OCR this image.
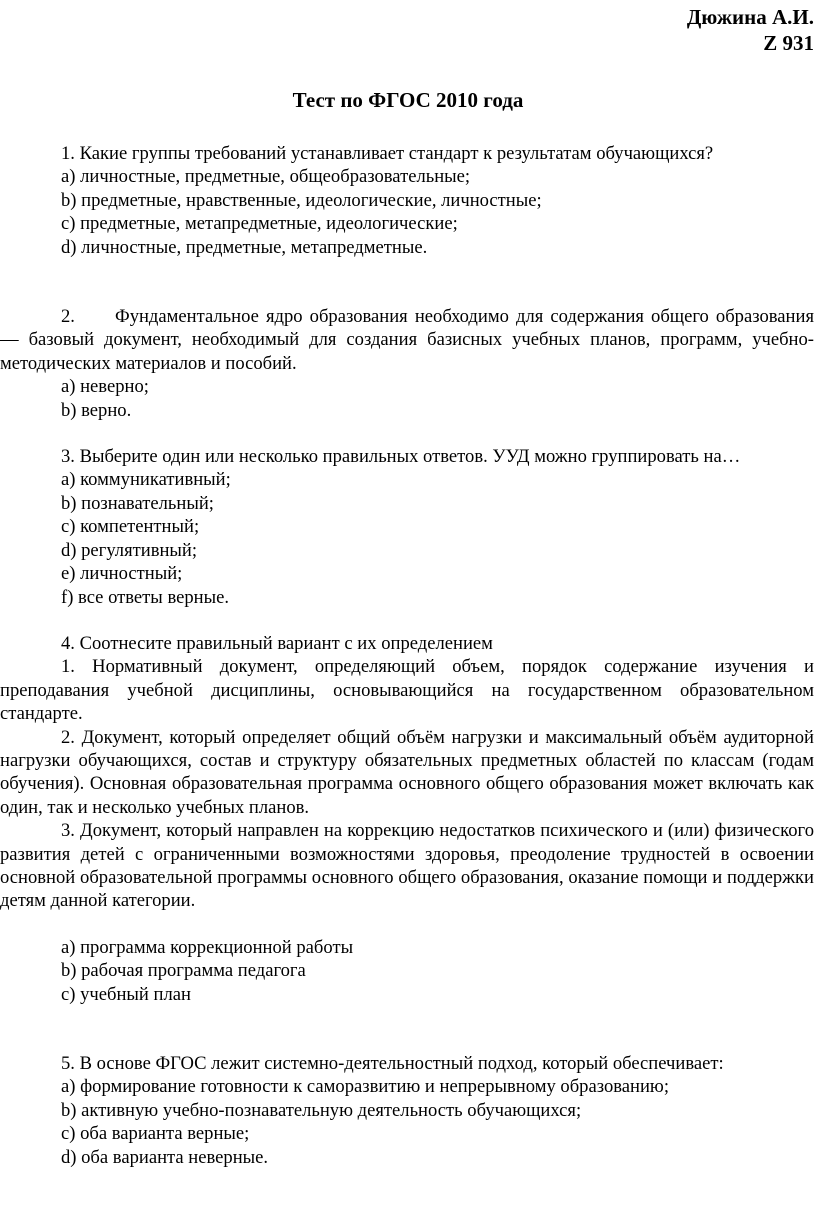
Дюжина А.И.
Z 931
Тест по ФГОС 2010 года
1. Какие группы требований устанавливает стандарт к результатам обучающихся?
a) личностные, предметные, общеобразовательные;
b) предметные, нравственные, идеологические, личностные;
c) предметные, метапредметные, идеологические;
d) личностные, предметные, метапредметные.
2. Фундаментальное ядро образования необходимо для содержания общего образования — базовый документ, необходимый для создания базисных учебных планов, программ, учебно-методических материалов и пособий.
a) неверно;
b) верно.
3. Выберите один или несколько правильных ответов. УУД можно группировать на…
a) коммуникативный;
b) познавательный;
c) компетентный;
d) регулятивный;
e) личностный;
f) все ответы верные.
4. Соотнесите правильный вариант с их определением
1. Нормативный документ, определяющий объем, порядок содержание изучения и преподавания учебной дисциплины, основывающийся на государственном образовательном стандарте.
2. Документ, который определяет общий объём нагрузки и максимальный объём аудиторной нагрузки обучающихся, состав и структуру обязательных предметных областей по классам (годам обучения). Основная образовательная программа основного общего образования может включать как один, так и несколько учебных планов.
3. Документ, который направлен на коррекцию недостатков психического и (или) физического развития детей с ограниченными возможностями здоровья, преодоление трудностей в освоении основной образовательной программы основного общего образования, оказание помощи и поддержки детям данной категории.
a) программа коррекционной работы
b) рабочая программа педагога
c) учебный план
5. В основе ФГОС лежит системно-деятельностный подход, который обеспечивает:
a) формирование готовности к саморазвитию и непрерывному образованию;
b) активную учебно-познавательную деятельность обучающихся;
c) оба варианта верные;
d) оба варианта неверные.
